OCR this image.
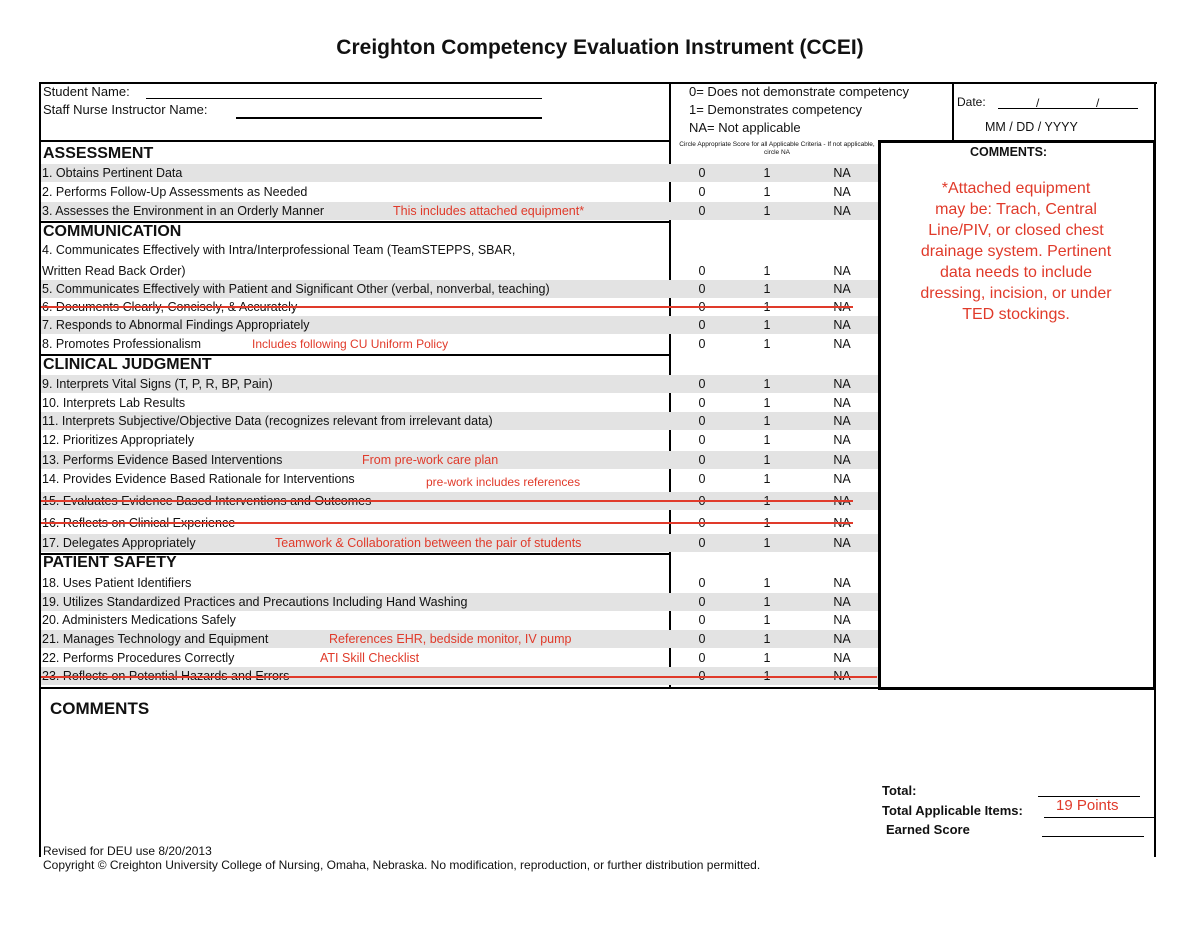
Creighton Competency Evaluation Instrument (CCEI)
Student Name:
Staff Nurse Instructor Name:
0= Does not demonstrate competency
1= Demonstrates competency
NA= Not applicable
Date:	/	/
MM / DD / YYYY
Circle Appropriate Score for all Applicable Criteria - If not applicable, circle NA	COMMENTS:
*Attached equipment
may be: Trach, Central
Line/PIV, or closed chest
drainage system. Pertinent
data needs to include
dressing, incision, or under
TED stockings.
ASSESSMENT
1. Obtains Pertinent Data	0	1	NA
2. Performs Follow-Up Assessments as Needed	0	1	NA
3. Assesses the Environment in an Orderly Manner	This includes attached equipment*	0	1	NA
COMMUNICATION
4. Communicates Effectively with Intra/Interprofessional Team (TeamSTEPPS, SBAR,
Written Read Back Order)	0	1	NA
5. Communicates Effectively with Patient and Significant Other (verbal, nonverbal, teaching)	0	1	NA
6. Documents Clearly, Concisely, & Accurately	0	1	NA
7. Responds to Abnormal Findings Appropriately	0	1	NA
8. Promotes Professionalism	Includes following CU Uniform Policy	0	1	NA
CLINICAL JUDGMENT
9. Interprets Vital Signs (T, P, R, BP, Pain)	0	1	NA
10. Interprets Lab Results	0	1	NA
11. Interprets Subjective/Objective Data (recognizes relevant from irrelevant data)	0	1	NA
12. Prioritizes Appropriately	0	1	NA
13. Performs Evidence Based Interventions	From pre-work care plan	0	1	NA
14. Provides Evidence Based Rationale for Interventions	pre-work includes references	0	1	NA
15. Evaluates Evidence Based Interventions and Outcomes	0	1	NA
16. Reflects on Clinical Experience	0	1	NA
17. Delegates Appropriately	Teamwork & Collaboration between the pair of students	0	1	NA
PATIENT SAFETY
18. Uses Patient Identifiers	0	1	NA
19. Utilizes Standardized Practices and Precautions Including Hand Washing	0	1	NA
20. Administers Medications Safely	0	1	NA
21. Manages Technology and Equipment	References EHR, bedside monitor, IV pump	0	1	NA
22. Performs Procedures Correctly	ATI Skill Checklist	0	1	NA
23. Reflects on Potential Hazards and Errors	0	1	NA
COMMENTS
Total:
Total Applicable Items: 19 Points
Earned Score
Revised for DEU use 8/20/2013
Copyright © Creighton University College of Nursing, Omaha, Nebraska. No modification, reproduction, or further distribution permitted.
